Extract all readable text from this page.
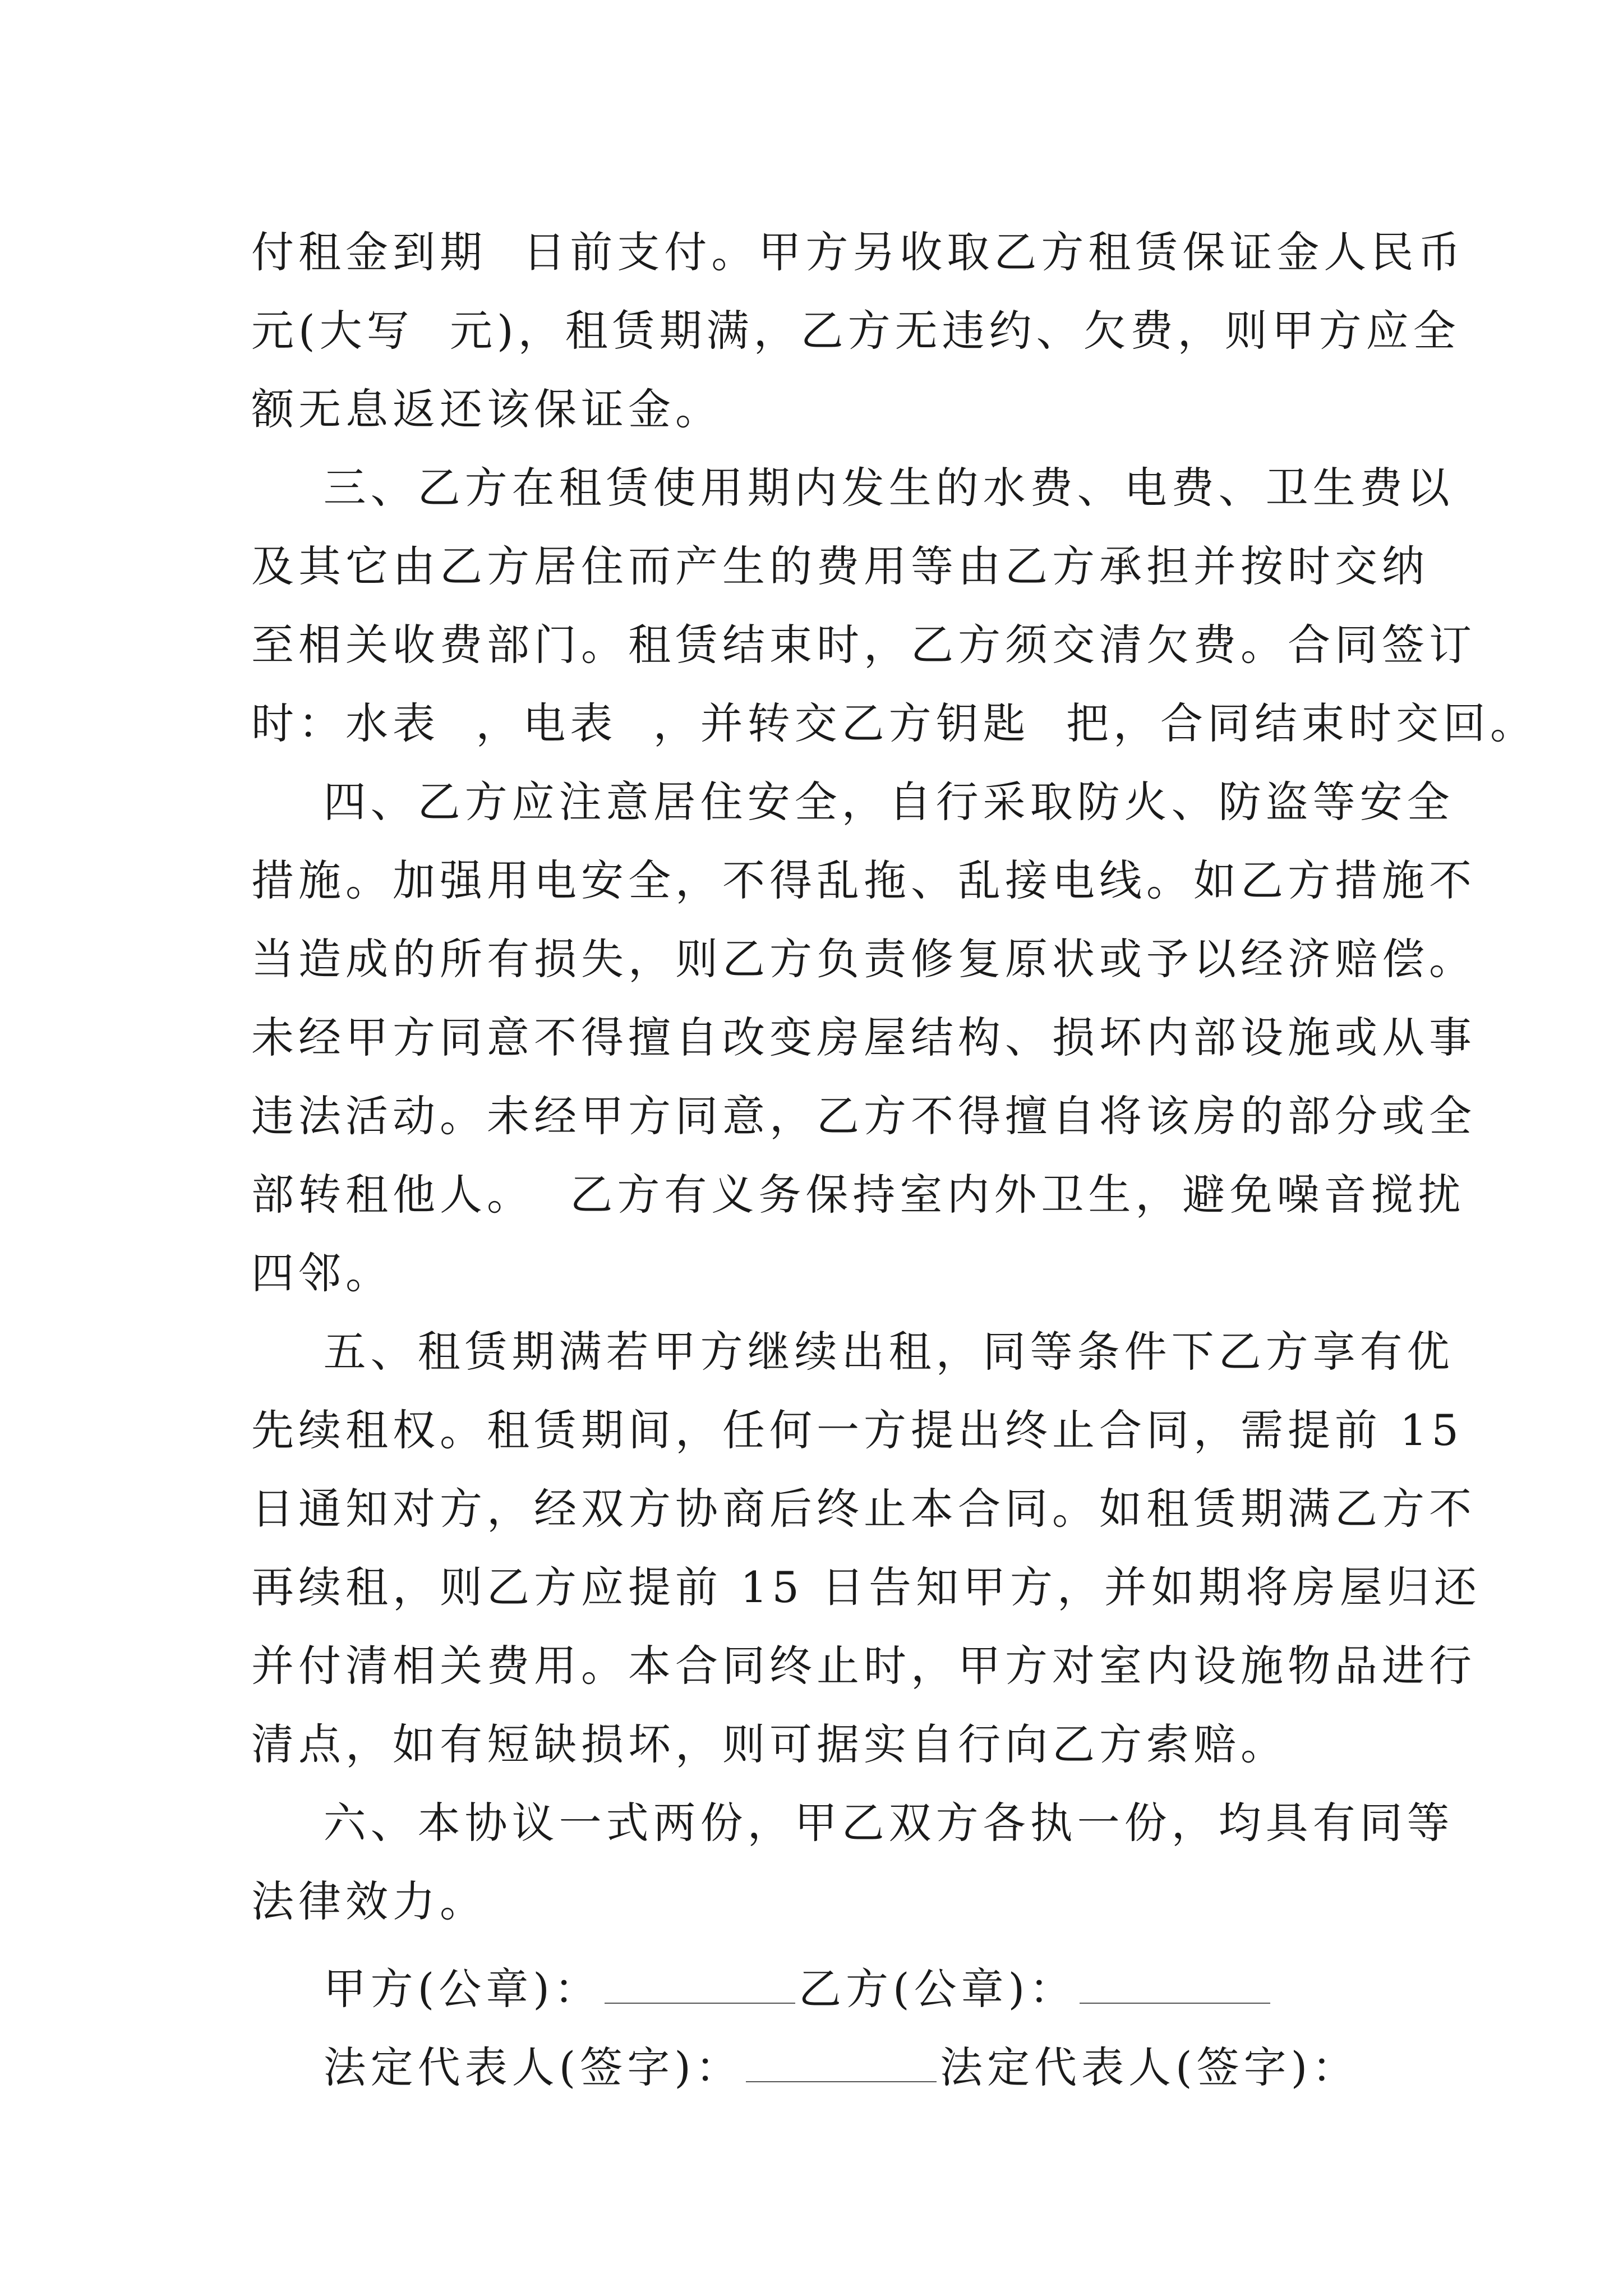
付租金到期  日前支付。甲方另收取乙方租赁保证金人民币
元(大写  元)，租赁期满，乙方无违约、欠费，则甲方应全
额无息返还该保证金。
三、乙方在租赁使用期内发生的水费、电费、卫生费以
及其它由乙方居住而产生的费用等由乙方承担并按时交纳
至相关收费部门。租赁结束时，乙方须交清欠费。合同签订
时：水表  ，电表  ，并转交乙方钥匙  把，合同结束时交回。
四、乙方应注意居住安全，自行采取防火、防盗等安全
措施。加强用电安全，不得乱拖、乱接电线。如乙方措施不
当造成的所有损失，则乙方负责修复原状或予以经济赔偿。
未经甲方同意不得擅自改变房屋结构、损坏内部设施或从事
违法活动。未经甲方同意，乙方不得擅自将该房的部分或全
部转租他人。  乙方有义务保持室内外卫生，避免噪音搅扰
四邻。
五、租赁期满若甲方继续出租，同等条件下乙方享有优
先续租权。租赁期间，任何一方提出终止合同，需提前 15
日通知对方，经双方协商后终止本合同。如租赁期满乙方不
再续租，则乙方应提前 15 日告知甲方，并如期将房屋归还
并付清相关费用。本合同终止时，甲方对室内设施物品进行
清点，如有短缺损坏，则可据实自行向乙方索赔。
六、本协议一式两份，甲乙双方各执一份，均具有同等
法律效力。
甲方(公章)：	乙方(公章)：
法定代表人(签字)：	法定代表人(签字)：
